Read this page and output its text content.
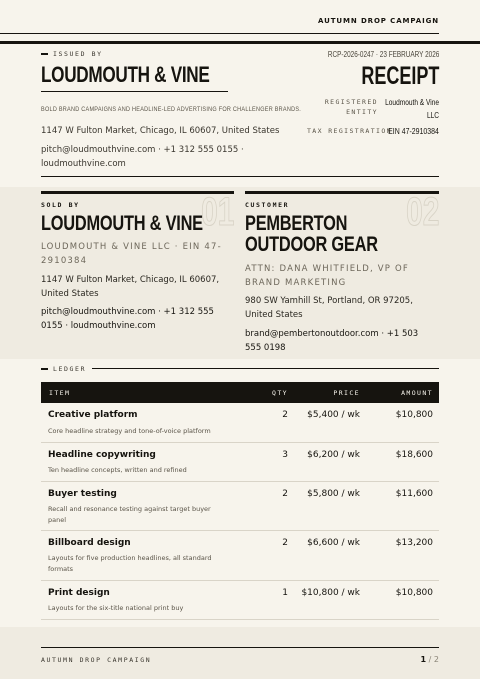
AUTUMN DROP CAMPAIGN
ISSUED BY
LOUDMOUTH & VINE
BOLD BRAND CAMPAIGNS AND HEADLINE-LED ADVERTISING FOR CHALLENGER BRANDS.
1147 W Fulton Market, Chicago, IL 60607, United States
pitch@loudmouthvine.com · +1 312 555 0155 · loudmouthvine.com
RCP-2026-0247 · 23 FEBRUARY 2026
RECEIPT
REGISTERED ENTITY
Loudmouth & Vine LLC
TAX REGISTRATION
EIN 47-2910384
01
SOLD BY
LOUDMOUTH & VINE
LOUDMOUTH & VINE LLC · EIN 47-2910384
1147 W Fulton Market, Chicago, IL 60607, United States
pitch@loudmouthvine.com · +1 312 555 0155 · loudmouthvine.com
02
CUSTOMER
PEMBERTON OUTDOOR GEAR
ATTN: DANA WHITFIELD, VP OF BRAND MARKETING
980 SW Yamhill St, Portland, OR 97205, United States
brand@pembertonoutdoor.com · +1 503 555 0198
LEDGER
ITEM	QTY	PRICE	AMOUNT
Creative platform
Core headline strategy and tone-of-voice platform
2 $5,400 / wk	$10,800
Headline copywriting
Ten headline concepts, written and refined
3 $6,200 / wk	$18,600
Buyer testing
Recall and resonance testing against target buyer panel
2 $5,800 / wk	$11,600
Billboard design
Layouts for five production headlines, all standard formats
2 $6,600 / wk	$13,200
Print design
Layouts for the six-title national print buy
1 $10,800 / wk	$10,800
AUTUMN DROP CAMPAIGN	1 / 2
